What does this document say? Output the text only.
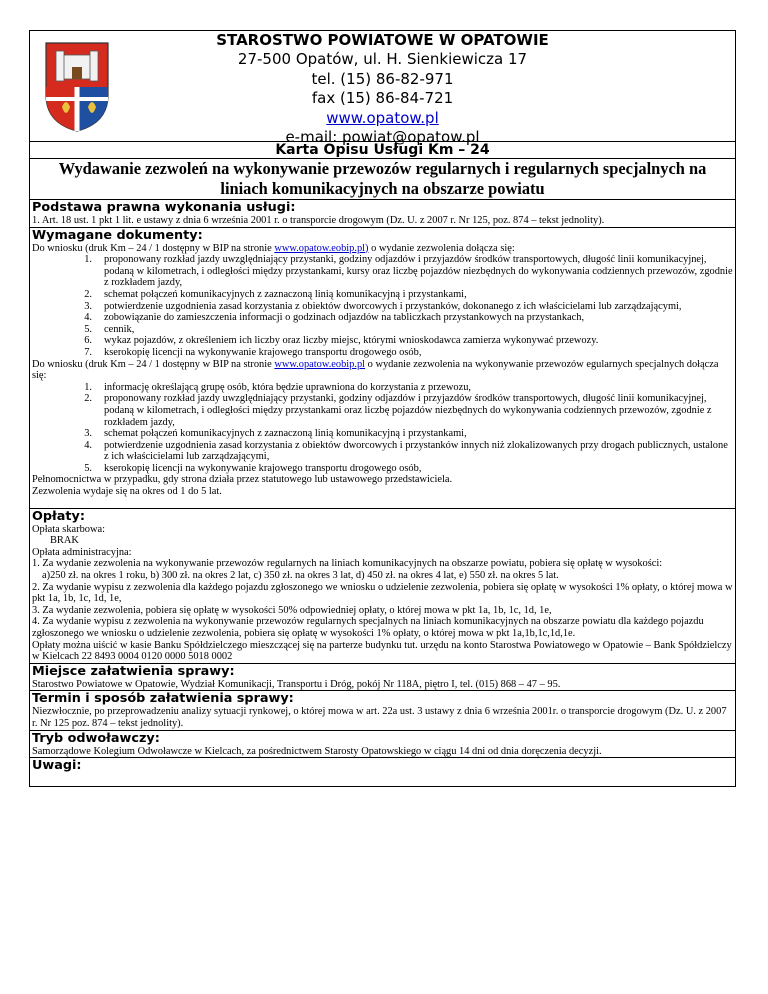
STAROSTWO POWIATOWE W OPATOWIE
27-500 Opatów, ul. H. Sienkiewicza 17
tel. (15) 86-82-971
fax (15) 86-84-721
www.opatow.pl
e-mail: powiat@opatow.pl
Karta Opisu Usługi Km – 24
Wydawanie zezwoleń na wykonywanie przewozów regularnych i regularnych specjalnych na liniach komunikacyjnych na obszarze powiatu
Podstawa prawna wykonania usługi:
1. Art. 18 ust. 1 pkt 1 lit. e ustawy z dnia 6 września 2001 r. o transporcie drogowym (Dz. U. z 2007 r. Nr 125, poz. 874 – tekst jednolity).
Wymagane dokumenty:
Do wniosku (druk Km – 24 / 1 dostępny w BIP na stronie www.opatow.eobip.pl) o wydanie zezwolenia dołącza się:
1.	proponowany rozkład jazdy uwzględniający przystanki, godziny odjazdów i przyjazdów środków transportowych, długość linii komunikacyjnej, podaną w kilometrach, i odległości między przystankami, kursy oraz liczbę pojazdów niezbędnych do wykonywania codziennych przewozów, zgodnie z rozkładem jazdy,
2.	schemat połączeń komunikacyjnych z zaznaczoną linią komunikacyjną i przystankami,
3.	potwierdzenie uzgodnienia zasad korzystania z obiektów dworcowych i przystanków, dokonanego z ich właścicielami lub zarządzającymi,
4.	zobowiązanie do zamieszczenia informacji o godzinach odjazdów na tabliczkach przystankowych na przystankach,
5.	cennik,
6.	wykaz pojazdów, z określeniem ich liczby oraz liczby miejsc, którymi wnioskodawca zamierza wykonywać przewozy.
7.	kserokopię licencji na wykonywanie krajowego transportu drogowego osób,
Do wniosku (druk Km – 24 / 1 dostępny w BIP na stronie www.opatow.eobip.pl o wydanie zezwolenia na wykonywanie przewozów egularnych specjalnych dołącza się:
1.	informację określającą grupę osób, która będzie uprawniona do korzystania z przewozu,
2.	proponowany rozkład jazdy uwzględniający przystanki, godziny odjazdów i przyjazdów środków transportowych, długość linii komunikacyjnej, podaną w kilometrach, i odległości między przystankami oraz liczbę pojazdów niezbędnych do wykonywania codziennych przewozów, zgodnie z rozkładem jazdy,
3.	schemat połączeń komunikacyjnych z zaznaczoną linią komunikacyjną i przystankami,
4.	potwierdzenie uzgodnienia zasad korzystania z obiektów dworcowych i przystanków innych niż zlokalizowanych przy drogach publicznych, ustalone z ich właścicielami lub zarządzającymi,
5.	kserokopię licencji na wykonywanie krajowego transportu drogowego osób,
Pełnomocnictwa w przypadku, gdy strona działa przez statutowego lub ustawowego przedstawiciela.
Zezwolenia wydaje się na okres od 1 do 5 lat.
Opłaty:
Opłata skarbowa:
BRAK
Opłata administracyjna:
1. Za wydanie zezwolenia na wykonywanie przewozów regularnych na liniach komunikacyjnych na obszarze powiatu, pobiera się opłatę w wysokości:
a)250 zł. na okres 1 roku, b) 300 zł. na okres 2 lat, c) 350 zł. na okres 3 lat, d) 450 zł. na okres 4 lat, e) 550 zł. na okres 5 lat.
2. Za wydanie wypisu z zezwolenia dla każdego pojazdu zgłoszonego we wniosku o udzielenie zezwolenia, pobiera się opłatę w wysokości 1% opłaty, o której mowa w pkt 1a, 1b, 1c, 1d, 1e,
3. Za wydanie zezwolenia, pobiera się opłatę w wysokości 50% odpowiedniej opłaty, o której mowa w pkt 1a, 1b, 1c, 1d, 1e,
4. Za wydanie wypisu z zezwolenia na wykonywanie przewozów regularnych specjalnych na liniach komunikacyjnych na obszarze powiatu dla każdego pojazdu zgłoszonego we wniosku o udzielenie zezwolenia, pobiera się opłatę w wysokości 1% opłaty, o której mowa w pkt 1a,1b,1c,1d,1e.
Opłaty można uiścić w kasie Banku Spółdzielczego mieszczącej się na parterze budynku tut. urzędu na konto Starostwa Powiatowego w Opatowie – Bank Spółdzielczy w Kielcach 22 8493 0004 0120 0000 5018 0002
Miejsce załatwienia sprawy:
Starostwo Powiatowe w Opatowie, Wydział Komunikacji, Transportu i Dróg, pokój Nr 118A, piętro I, tel. (015) 868 – 47 – 95.
Termin i sposób załatwienia sprawy:
Niezwłocznie, po przeprowadzeniu analizy sytuacji rynkowej, o której mowa w art. 22a ust. 3 ustawy z dnia 6 września 2001r. o transporcie drogowym (Dz. U. z 2007 r. Nr 125 poz. 874 – tekst jednolity).
Tryb odwoławczy:
Samorządowe Kolegium Odwoławcze w Kielcach, za pośrednictwem Starosty Opatowskiego w ciągu 14 dni od dnia doręczenia decyzji.
Uwagi:
